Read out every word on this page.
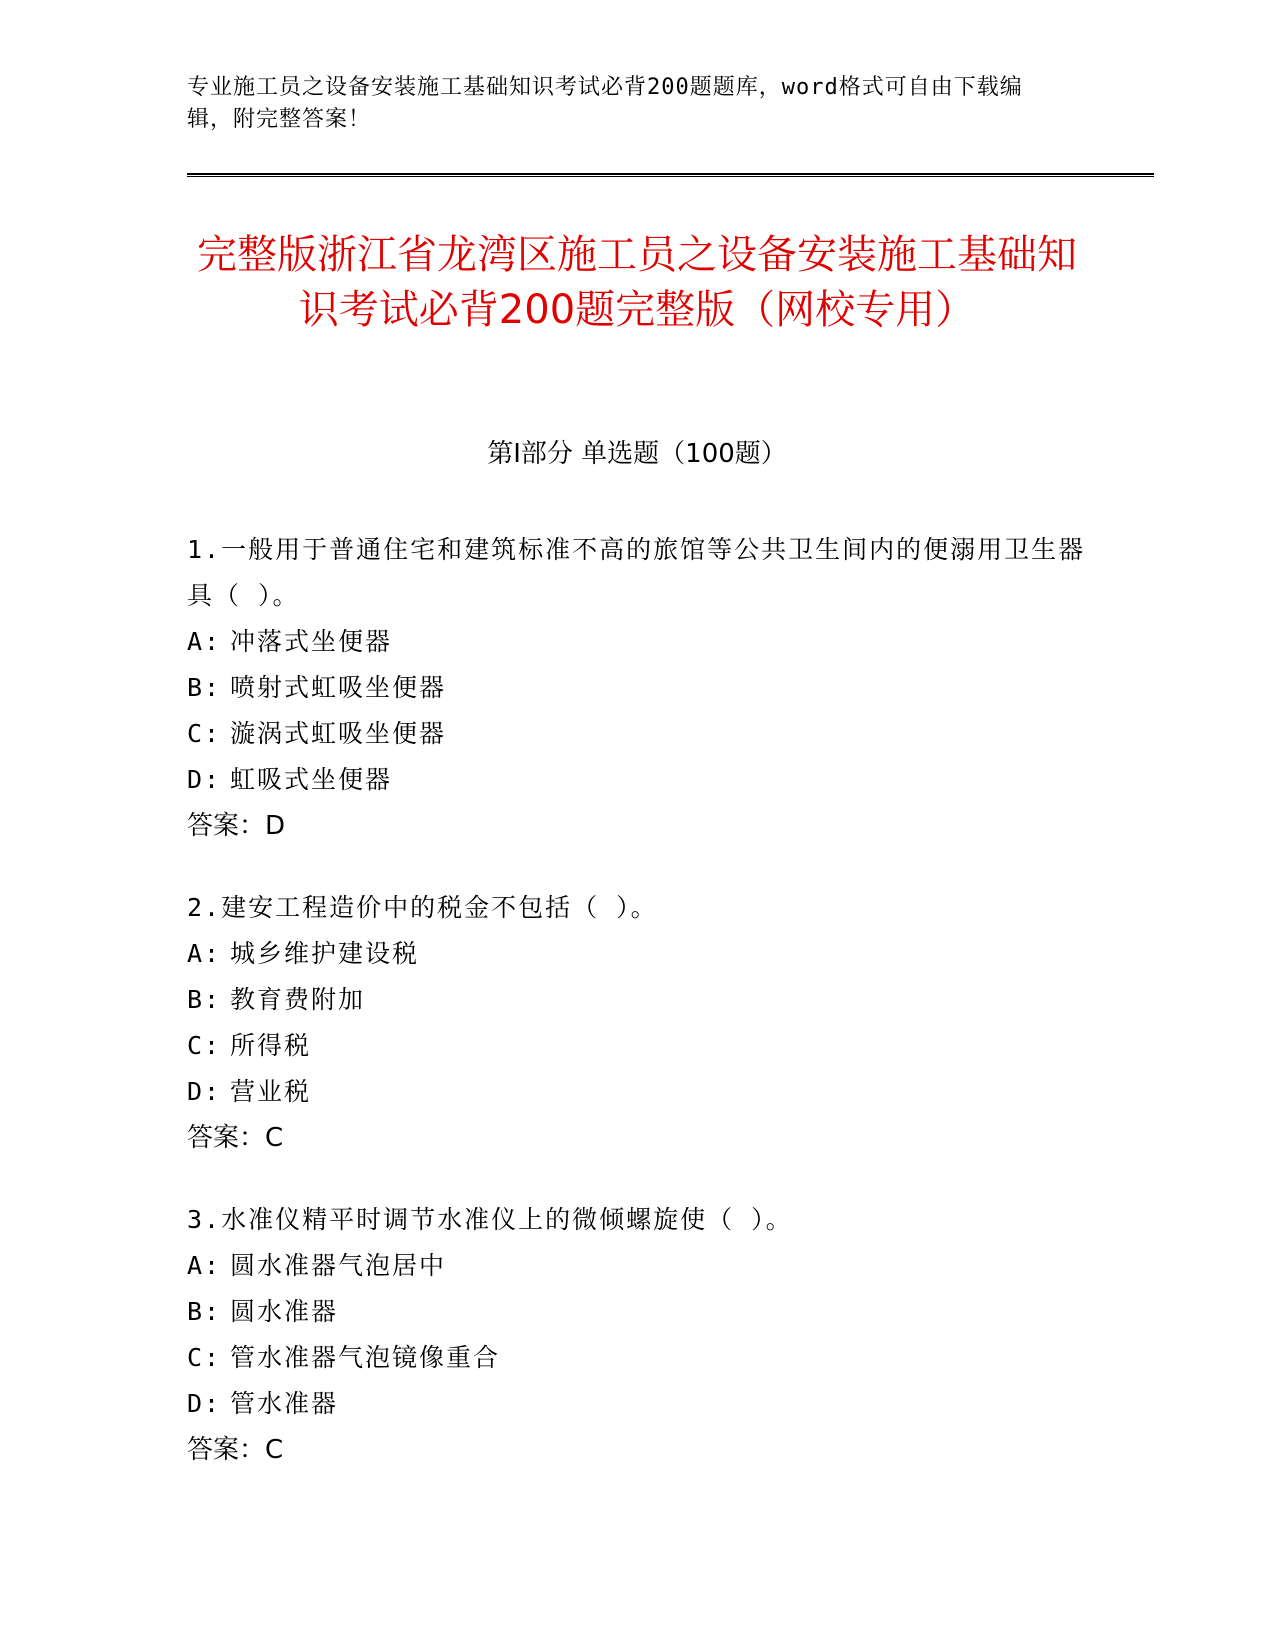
专业施工员之设备安装施工基础知识考试必背200题题库，word格式可自由下载编辑，附完整答案！
完整版浙江省龙湾区施工员之设备安装施工基础知识考试必背200题完整版（网校专用）
第Ⅰ部分 单选题（100题）
1.一般用于普通住宅和建筑标准不高的旅馆等公共卫生间内的便溺用卫生器具（ ）。
A: 冲落式坐便器
B: 喷射式虹吸坐便器
C: 漩涡式虹吸坐便器
D: 虹吸式坐便器
答案：D
2.建安工程造价中的税金不包括（ ）。
A: 城乡维护建设税
B: 教育费附加
C: 所得税
D: 营业税
答案：C
3.水准仪精平时调节水准仪上的微倾螺旋使（ ）。
A: 圆水准器气泡居中
B: 圆水准器
C: 管水准器气泡镜像重合
D: 管水准器
答案：C
